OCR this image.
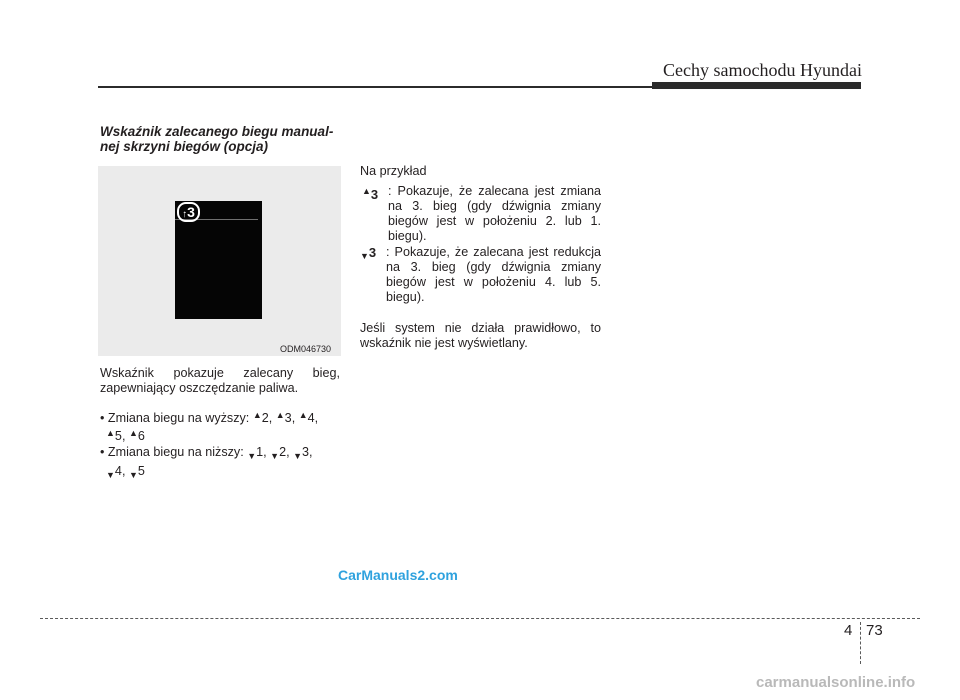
Cechy samochodu Hyundai
Wskaźnik zalecanego biegu manual-nej skrzyni biegów (opcja)
↑3
ODM046730
Wskaźnik pokazuje zalecany bieg, zapewniający oszczędzanie paliwa.
• Zmiana biegu na wyższy: ▲2, ▲3, ▲4,
▲5, ▲6
• Zmiana biegu na niższy: $_▼$1, $_▼$2, $_▼$3,
$_▼$4, $_▼$5
Na przykład
▲3 : Pokazuje, że zalecana jest zmiana na 3. bieg (gdy dźwignia zmiany biegów jest w położeniu 2. lub 1. biegu).
$_▼$3 : Pokazuje, że zalecana jest redukcja na 3. bieg (gdy dźwignia zmiany biegów jest w położeniu 4. lub 5. biegu).
Jeśli system nie działa prawidłowo, to wskaźnik nie jest wyświetlany.
CarManuals2.com
4 73
carmanualsonline.info
